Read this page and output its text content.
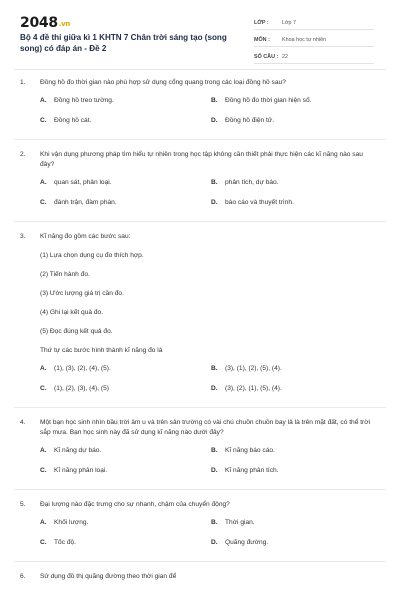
2048.vn
Bộ 4 đề thi giữa kì 1 KHTN 7 Chân trời sáng tạo (song song) có đáp án - Đề 2
LỚP :	Lớp 7
MÔN :	Khoa học tự nhiên
SỐ CÂU : 22
1.	Đồng hồ đo thời gian nào phù hợp sử dụng cổng quang trong các loại đồng hồ sau?
A.	Đồng hồ treo tường.	B.	Đồng hồ đo thời gian hiện số.
C.	Đồng hồ cát.	D.	Đồng hồ điện tử.
2.	Khi vận dụng phương pháp tìm hiểu tự nhiên trong học tập không cần thiết phải thực hiện các kĩ năng nào sau đây?
A.	quan sát, phân loại.	B.	phân tích, dự báo.
C.	đánh trận, đàm phán.	D.	báo cáo và thuyết trình.
3.	Kĩ năng đo gồm các bước sau:
(1) Lựa chọn dụng cụ đo thích hợp.
(2) Tiến hành đo.
(3) Ước lượng giá trị cần đo.
(4) Ghi lại kết quả đo.
(5) Đọc đúng kết quả đo.
Thứ tự các bước hình thành kĩ năng đo là
A.	(1), (3), (2), (4), (5).	B.	(3), (1), (2), (5), (4).
C.	(1), (2), (3), (4), (5)	D.	(3), (2), (1), (5), (4).
4.	Một bạn học sinh nhìn bầu trời âm u và trên sân trường có vài chú chuồn chuồn bay lả là trên mặt đất, có thể trời sắp mưa. Bạn học sinh này đã sử dụng kĩ năng nào dưới đây?
A.	Kĩ năng dự báo.	B.	Kĩ năng báo cáo.
C.	Kĩ năng phân loại.	D.	Kĩ năng phân tích.
5.	Đại lượng nào đặc trưng cho sự nhanh, chậm của chuyển động?
A.	Khối lượng.	B.	Thời gian.
C.	Tốc độ.	D.	Quãng đường.
6.	Sử dụng đồ thị quãng đường theo thời gian để
